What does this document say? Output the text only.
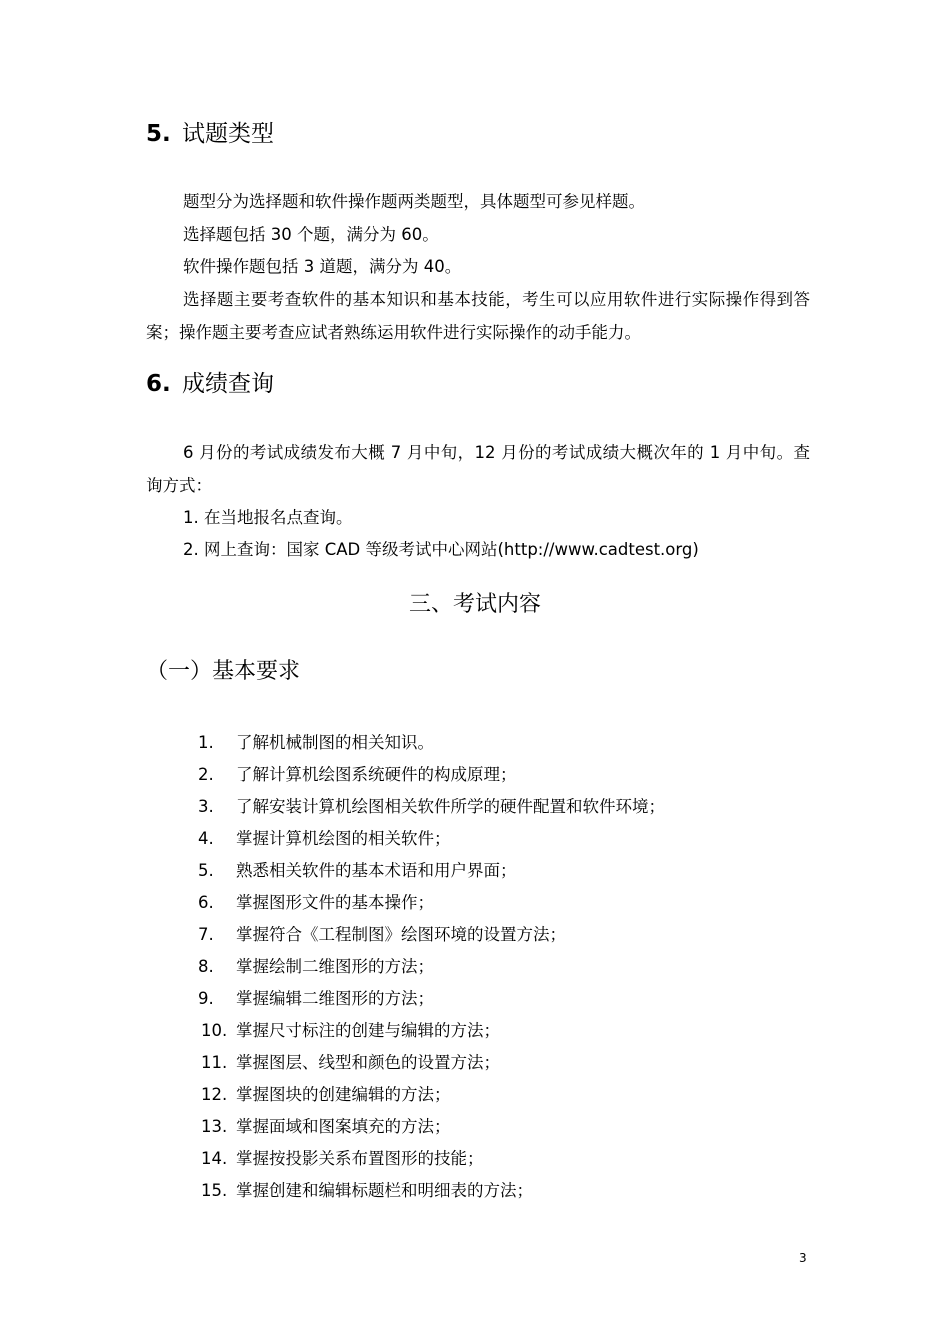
5. 试题类型
题型分为选择题和软件操作题两类题型，具体题型可参见样题。
选择题包括 30 个题，满分为 60。
软件操作题包括 3 道题，满分为 40。
选择题主要考查软件的基本知识和基本技能，考生可以应用软件进行实际操作得到答案；操作题主要考查应试者熟练运用软件进行实际操作的动手能力。
6. 成绩查询
6 月份的考试成绩发布大概 7 月中旬，12 月份的考试成绩大概次年的 1 月中旬。查询方式：
1. 在当地报名点查询。
2. 网上查询：国家 CAD 等级考试中心网站(http://www.cadtest.org)
三、考试内容
（一）基本要求
1. 了解机械制图的相关知识。
2. 了解计算机绘图系统硬件的构成原理；
3. 了解安装计算机绘图相关软件所学的硬件配置和软件环境；
4. 掌握计算机绘图的相关软件；
5. 熟悉相关软件的基本术语和用户界面；
6. 掌握图形文件的基本操作；
7. 掌握符合《工程制图》绘图环境的设置方法；
8. 掌握绘制二维图形的方法；
9. 掌握编辑二维图形的方法；
10. 掌握尺寸标注的创建与编辑的方法；
11. 掌握图层、线型和颜色的设置方法；
12. 掌握图块的创建编辑的方法；
13. 掌握面域和图案填充的方法；
14. 掌握按投影关系布置图形的技能；
15. 掌握创建和编辑标题栏和明细表的方法；
3
